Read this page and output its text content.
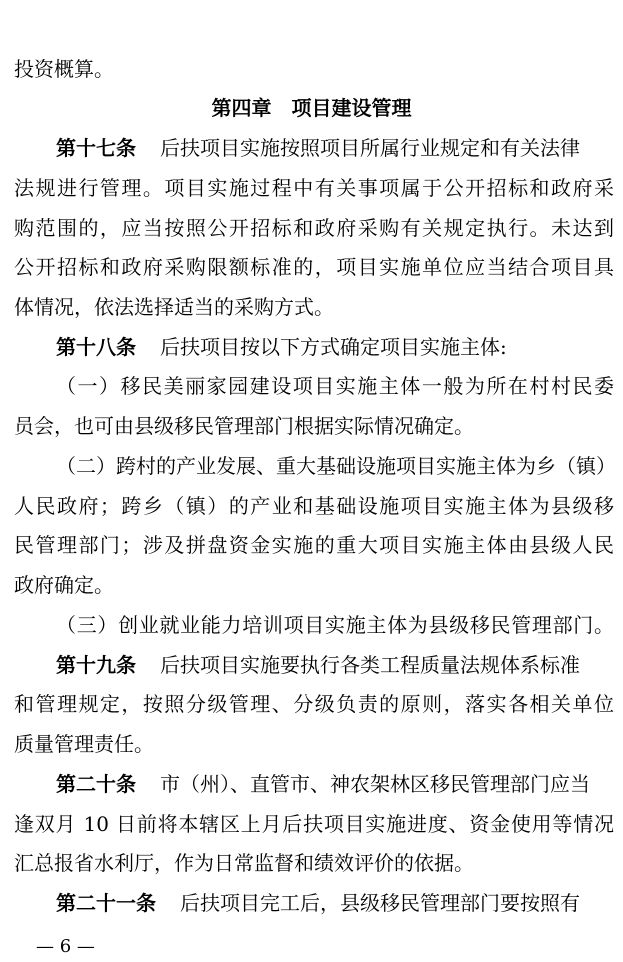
投资概算。
第四章　项目建设管理
第十七条 后扶项目实施按照项目所属行业规定和有关法律
法规进行管理。项目实施过程中有关事项属于公开招标和政府采
购范围的，应当按照公开招标和政府采购有关规定执行。未达到
公开招标和政府采购限额标准的，项目实施单位应当结合项目具
体情况，依法选择适当的采购方式。
第十八条 后扶项目按以下方式确定项目实施主体:
（一）移民美丽家园建设项目实施主体一般为所在村村民委
员会，也可由县级移民管理部门根据实际情况确定。
（二）跨村的产业发展、重大基础设施项目实施主体为乡（镇）
人民政府；跨乡（镇）的产业和基础设施项目实施主体为县级移
民管理部门；涉及拼盘资金实施的重大项目实施主体由县级人民
政府确定。
（三）创业就业能力培训项目实施主体为县级移民管理部门。
第十九条 后扶项目实施要执行各类工程质量法规体系标准
和管理规定，按照分级管理、分级负责的原则，落实各相关单位
质量管理责任。
第二十条 市（州）、直管市、神农架林区移民管理部门应当
逢双月 10 日前将本辖区上月后扶项目实施进度、资金使用等情况
汇总报省水利厅，作为日常监督和绩效评价的依据。
第二十一条 后扶项目完工后，县级移民管理部门要按照有
— 6 —
